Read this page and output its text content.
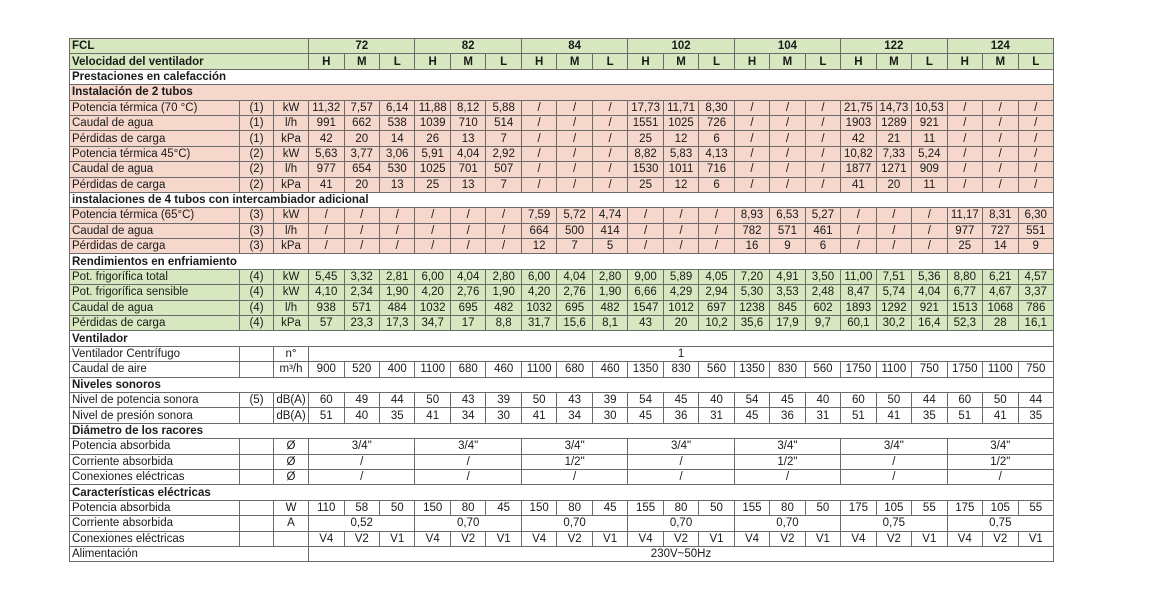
FCL			72			82			84			102			104			122			124		
Velocidad del ventilador			H	M	L	H	M	L	H	M	L	H	M	L	H	M	L	H	M	L	H	M	L
Prestaciones en calefacción																							
Instalación de 2 tubos																							
Potencia térmica (70 °C)	(1)	kW	11,32	7,57	6,14	11,88	8,12	5,88	/	/	/	17,73	11,71	8,30	/	/	/	21,75	14,73	10,53	/	/	/
Caudal de agua	(1)	l/h	991	662	538	1039	710	514	/	/	/	1551	1025	726	/	/	/	1903	1289	921	/	/	/
Pérdidas de carga	(1)	kPa	42	20	14	26	13	7	/	/	/	25	12	6	/	/	/	42	21	11	/	/	/
Potencia térmica 45°C)	(2)	kW	5,63	3,77	3,06	5,91	4,04	2,92	/	/	/	8,82	5,83	4,13	/	/	/	10,82	7,33	5,24	/	/	/
Caudal de agua	(2)	l/h	977	654	530	1025	701	507	/	/	/	1530	1011	716	/	/	/	1877	1271	909	/	/	/
Pérdidas de carga	(2)	kPa	41	20	13	25	13	7	/	/	/	25	12	6	/	/	/	41	20	11	/	/	/
instalaciones de 4 tubos con intercambiador adicional																							
Potencia térmica (65°C)	(3)	kW	/	/	/	/	/	/	7,59	5,72	4,74	/	/	/	8,93	6,53	5,27	/	/	/	11,17	8,31	6,30
Caudal de agua	(3)	l/h	/	/	/	/	/	/	664	500	414	/	/	/	782	571	461	/	/	/	977	727	551
Pérdidas de carga	(3)	kPa	/	/	/	/	/	/	12	7	5	/	/	/	16	9	6	/	/	/	25	14	9
Rendimientos en enfriamiento																							
Pot. frigorífica total	(4)	kW	5,45	3,32	2,81	6,00	4,04	2,80	6,00	4,04	2,80	9,00	5,89	4,05	7,20	4,91	3,50	11,00	7,51	5,36	8,80	6,21	4,57
Pot. frigorífica sensible	(4)	kW	4,10	2,34	1,90	4,20	2,76	1,90	4,20	2,76	1,90	6,66	4,29	2,94	5,30	3,53	2,48	8,47	5,74	4,04	6,77	4,67	3,37
Caudal de agua	(4)	l/h	938	571	484	1032	695	482	1032	695	482	1547	1012	697	1238	845	602	1893	1292	921	1513	1068	786
Pérdidas de carga	(4)	kPa	57	23,3	17,3	34,7	17	8,8	31,7	15,6	8,1	43	20	10,2	35,6	17,9	9,7	60,1	30,2	16,4	52,3	28	16,1
Ventilador																							
Ventilador Centrífugo		n°	1																				
Caudal de aire		m³/h	900	520	400	1100	680	460	1100	680	460	1350	830	560	1350	830	560	1750	1100	750	1750	1100	750
Niveles sonoros																							
Nivel de potencia sonora	(5)	dB(A)	60	49	44	50	43	39	50	43	39	54	45	40	54	45	40	60	50	44	60	50	44
Nivel de presión sonora		dB(A)	51	40	35	41	34	30	41	34	30	45	36	31	45	36	31	51	41	35	51	41	35
Diámetro de los racores																							
Potencia absorbida		Ø	3/4"			3/4"			3/4"			3/4"			3/4"			3/4"			3/4"		
Corriente absorbida		Ø	/			/			1/2"			/			1/2"			/			1/2"		
Conexiones eléctricas		Ø	/			/			/			/			/			/			/		
Características eléctricas																							
Potencia absorbida		W	110	58	50	150	80	45	150	80	45	155	80	50	155	80	50	175	105	55	175	105	55
Corriente absorbida		A	0,52			0,70			0,70			0,70			0,70			0,75			0,75		
Conexiones eléctricas			V4	V2	V1	V4	V2	V1	V4	V2	V1	V4	V2	V1	V4	V2	V1	V4	V2	V1	V4	V2	V1
Alimentación			230V~50Hz																				
